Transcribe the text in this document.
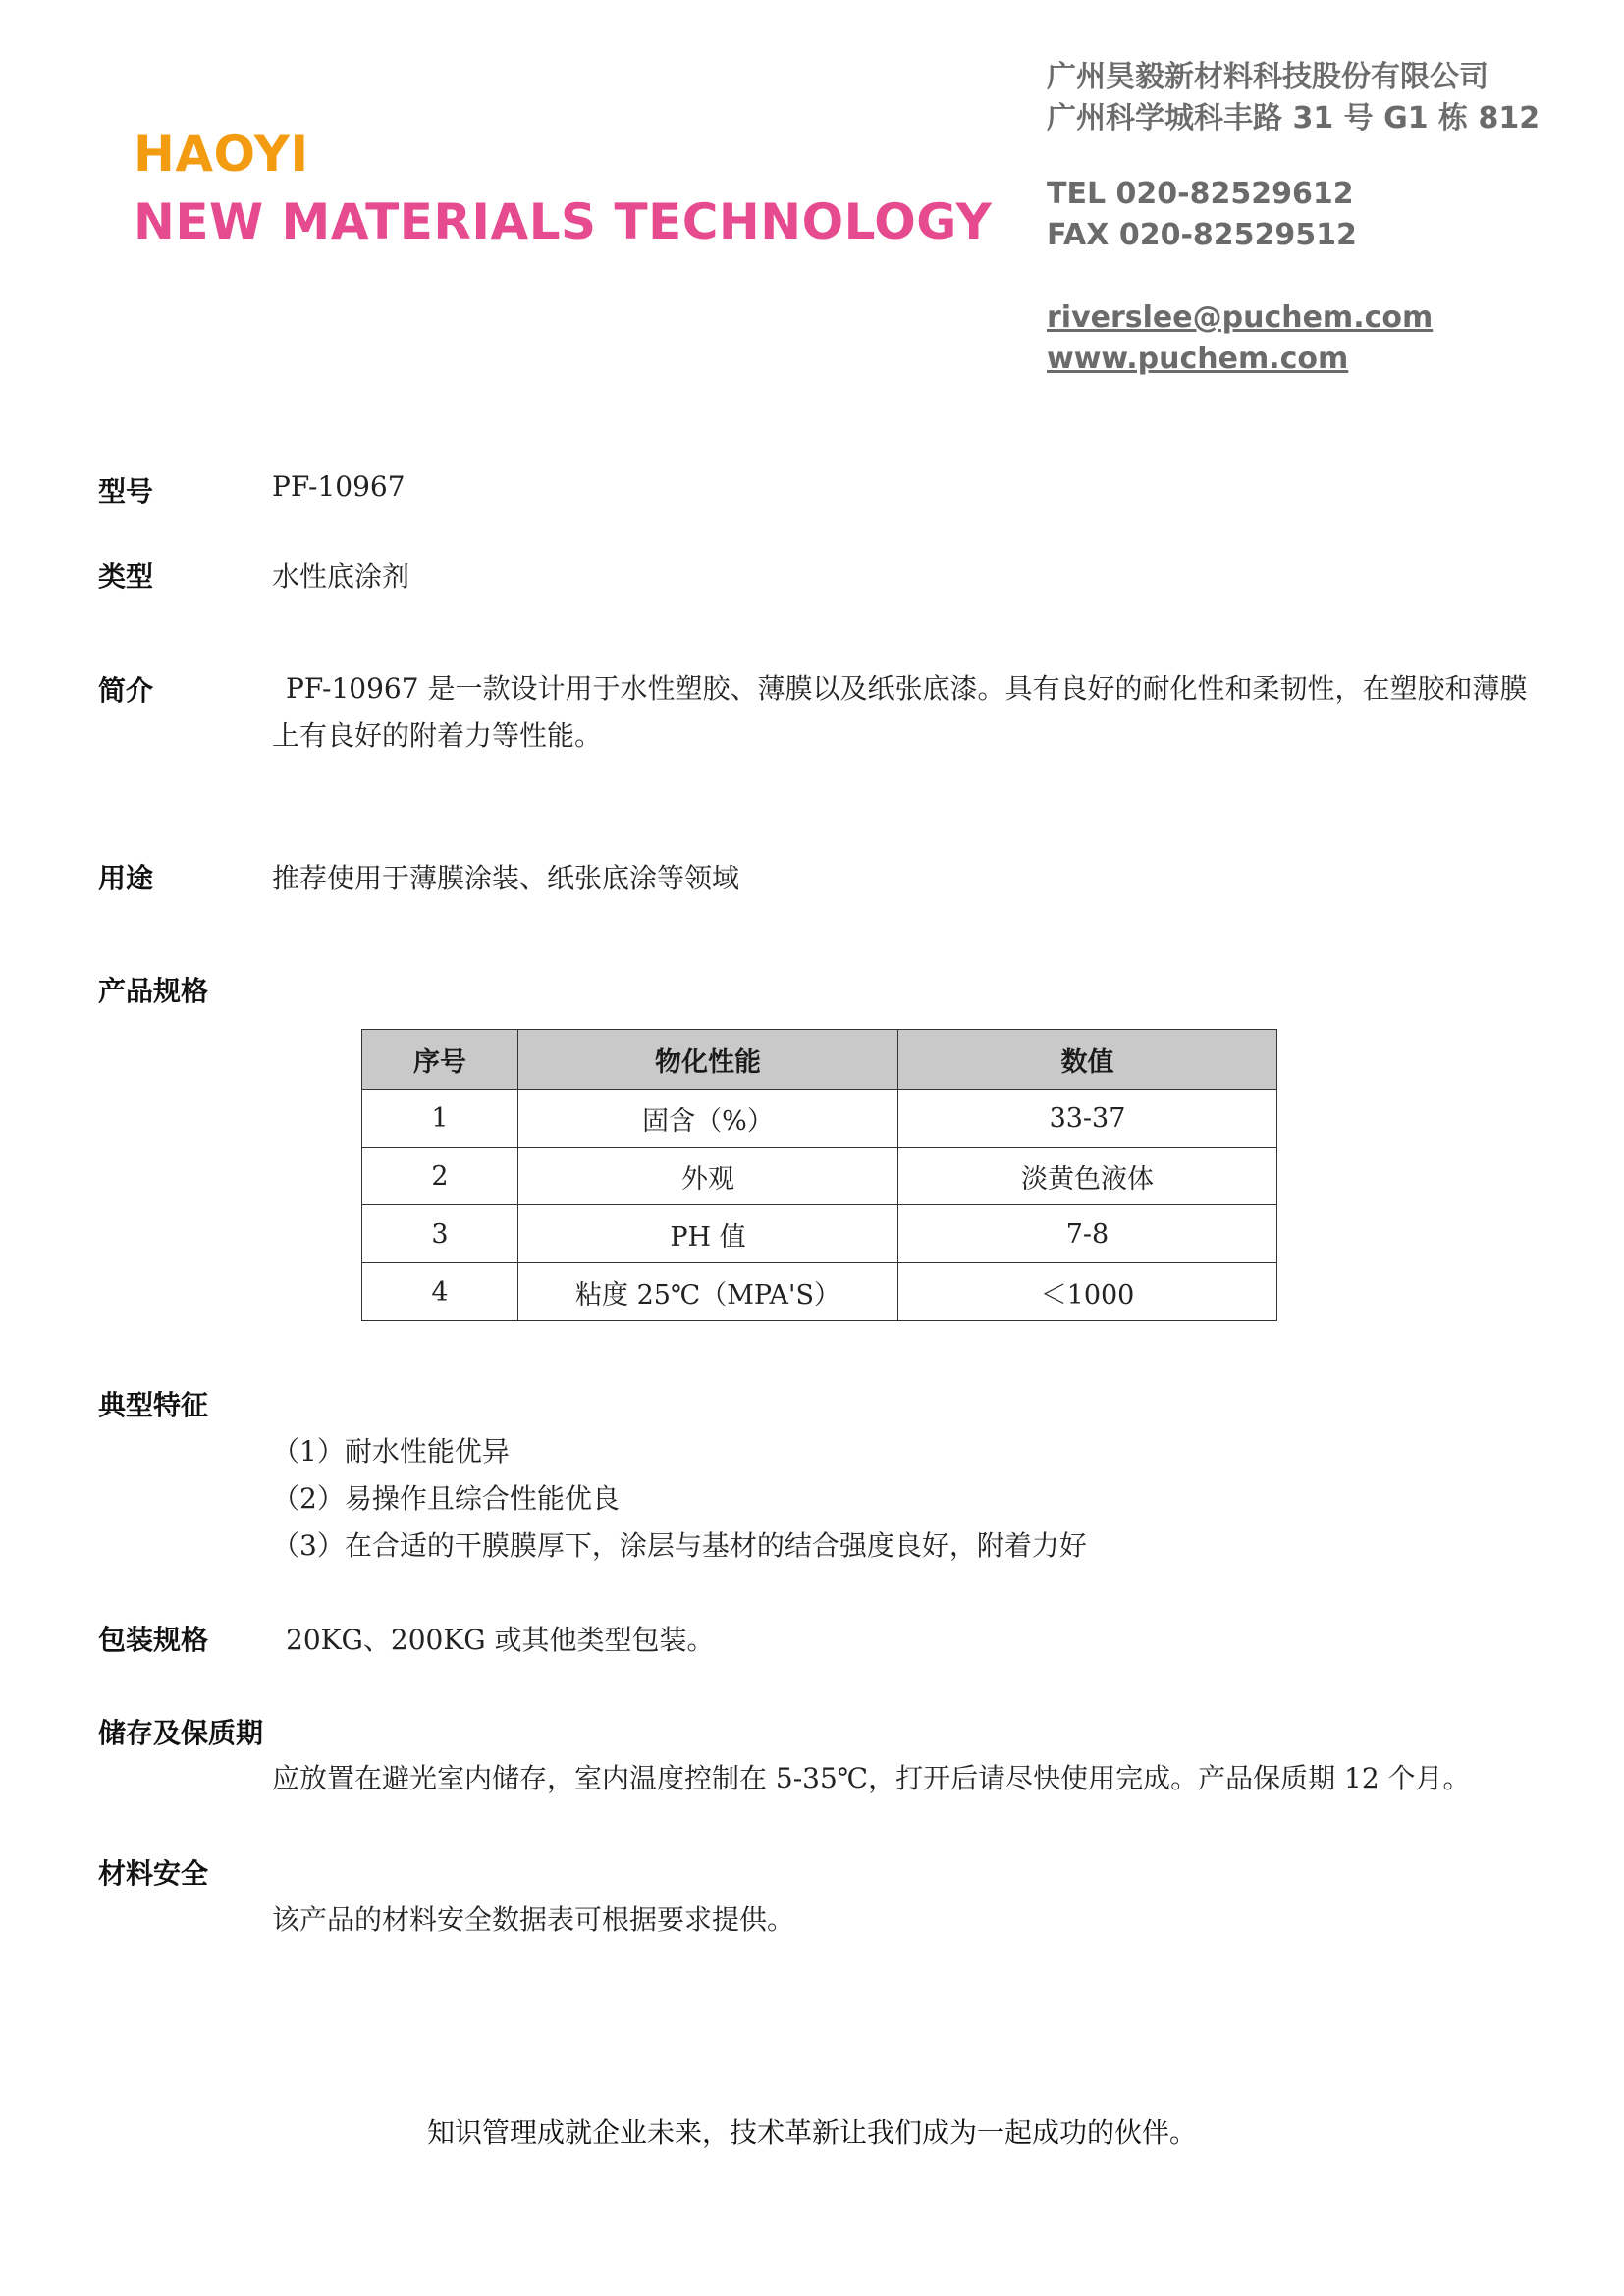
HAOYI
NEW MATERIALS TECHNOLOGY
广州昊毅新材料科技股份有限公司
广州科学城科丰路 31 号 G1 栋 812
TEL 020-82529612
FAX 020-82529512
riverslee@puchem.com
www.puchem.com
型号	PF-10967
类型	水性底涂剂
简介	PF-10967 是一款设计用于水性塑胶、薄膜以及纸张底漆。具有良好的耐化性和柔韧性，在塑胶和薄膜上有良好的附着力等性能。
用途	推荐使用于薄膜涂装、纸张底涂等领域
产品规格
序号	物化性能	数值
1	固含（%）	33-37
2	外观	淡黄色液体
3	PH 值	7-8
4	粘度 25℃（MPA'S）	＜1000
典型特征
（1）耐水性能优异
（2）易操作且综合性能优良
（3）在合适的干膜膜厚下，涂层与基材的结合强度良好，附着力好
包装规格	20KG、200KG 或其他类型包装。
储存及保质期
应放置在避光室内储存，室内温度控制在 5-35℃，打开后请尽快使用完成。产品保质期 12 个月。
材料安全
该产品的材料安全数据表可根据要求提供。
知识管理成就企业未来，技术革新让我们成为一起成功的伙伴。
